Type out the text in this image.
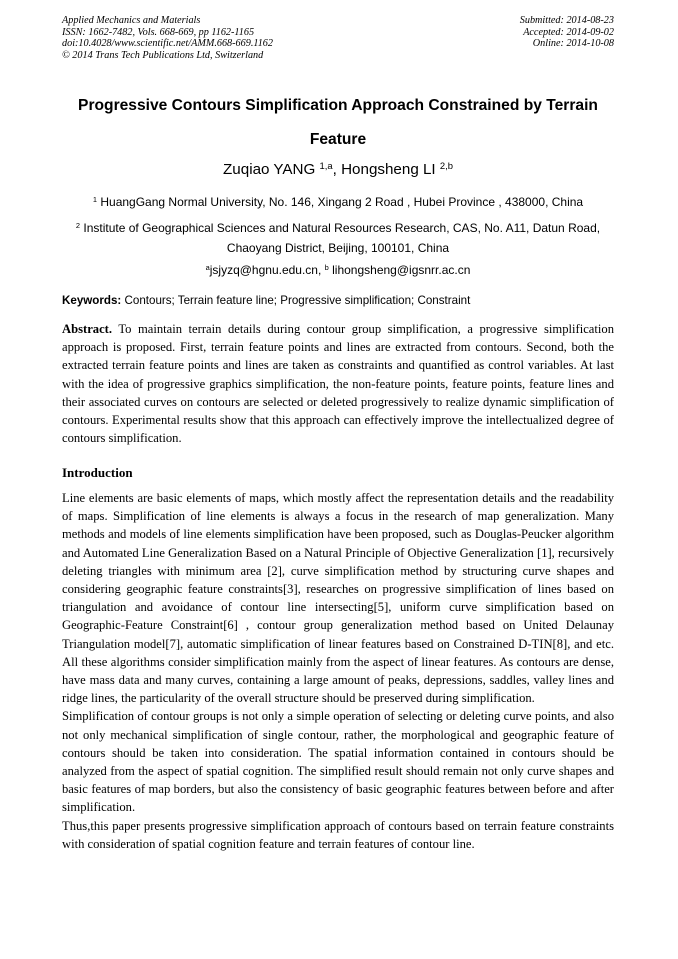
Applied Mechanics and Materials
ISSN: 1662-7482, Vols. 668-669, pp 1162-1165
doi:10.4028/www.scientific.net/AMM.668-669.1162
© 2014 Trans Tech Publications Ltd, Switzerland
Submitted: 2014-08-23
Accepted: 2014-09-02
Online: 2014-10-08
Progressive Contours Simplification Approach Constrained by Terrain Feature
Zuqiao YANG $^{1,a}$, Hongsheng LI $^{2,b}$
$^1$ HuangGang Normal University, No. 146, Xingang 2 Road , Hubei Province , 438000, China
$^2$ Institute of Geographical Sciences and Natural Resources Research, CAS, No. A11, Datun Road, Chaoyang District, Beijing, 100101, China
$^a$jsjyzq@hgnu.edu.cn, $^b$ lihongsheng@igsnrr.ac.cn
Keywords: Contours; Terrain feature line; Progressive simplification; Constraint
Abstract. To maintain terrain details during contour group simplification, a progressive simplification approach is proposed. First, terrain feature points and lines are extracted from contours. Second, both the extracted terrain feature points and lines are taken as constraints and quantified as control variables. At last with the idea of progressive graphics simplification, the non-feature points, feature points, feature lines and their associated curves on contours are selected or deleted progressively to realize dynamic simplification of contours. Experimental results show that this approach can effectively improve the intellectualized degree of contours simplification.
Introduction

Line elements are basic elements of maps, which mostly affect the representation details and the readability of maps. Simplification of line elements is always a focus in the research of map generalization. Many methods and models of line elements simplification have been proposed, such as Douglas-Peucker algorithm and Automated Line Generalization Based on a Natural Principle of Objective Generalization [1], recursively deleting triangles with minimum area [2], curve simplification method by structuring curve shapes and considering geographic feature constraints[3], researches on progressive simplification of lines based on triangulation and avoidance of contour line intersecting[5], uniform curve simplification based on Geographic-Feature Constraint[6] , contour group generalization method based on United Delaunay Triangulation model[7], automatic simplification of linear features based on Constrained D-TIN[8], and etc. All these algorithms consider simplification mainly from the aspect of linear features. As contours are dense, have mass data and many curves, containing a large amount of peaks, depressions, saddles, valley lines and ridge lines, the particularity of the overall structure should be preserved during simplification.

Simplification of contour groups is not only a simple operation of selecting or deleting curve points, and also not only mechanical simplification of single contour, rather, the morphological and geographic feature of contours should be taken into consideration. The spatial information contained in contours should be analyzed from the aspect of spatial cognition. The simplified result should remain not only curve shapes and basic features of map borders, but also the consistency of basic geographic features between before and after simplification.

Thus,this paper presents progressive simplification approach of contours based on terrain feature constraints with consideration of spatial cognition feature and terrain features of contour line.
